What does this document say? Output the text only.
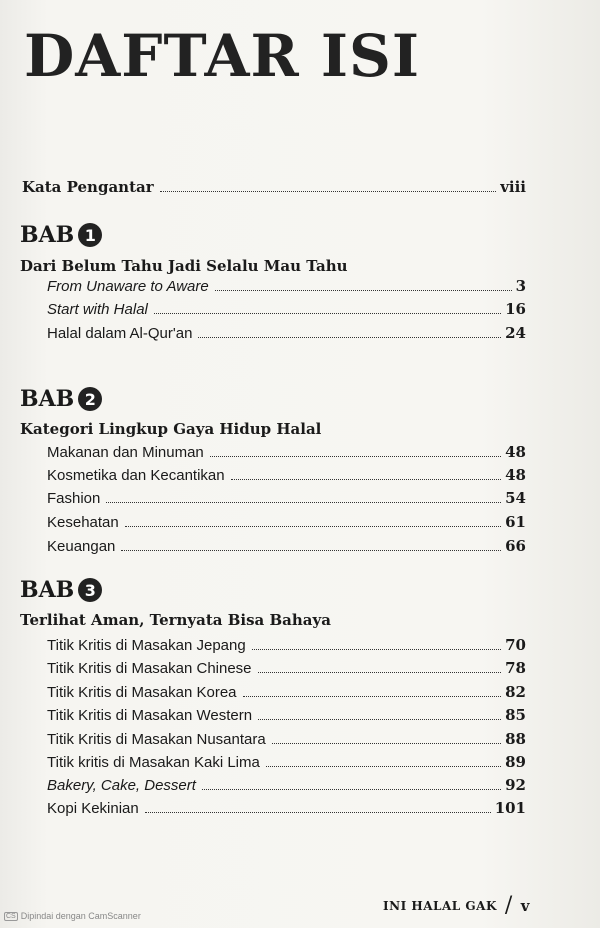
DAFTAR ISI
Kata Pengantar	viii
BAB 1
Dari Belum Tahu Jadi Selalu Mau Tahu
From Unaware to Aware	3
Start with Halal	16
Halal dalam Al-Qur'an	24
BAB 2
Kategori Lingkup Gaya Hidup Halal
Makanan dan Minuman	48
Kosmetika dan Kecantikan	48
Fashion	54
Kesehatan	61
Keuangan	66
BAB 3
Terlihat Aman, Ternyata Bisa Bahaya
Titik Kritis di Masakan Jepang	70
Titik Kritis di Masakan Chinese	78
Titik Kritis di Masakan Korea	82
Titik Kritis di Masakan Western	85
Titik Kritis di Masakan Nusantara	88
Titik kritis di Masakan Kaki Lima	89
Bakery, Cake, Dessert	92
Kopi Kekinian	101
INI HALAL GAK / v
CS Dipindai dengan CamScanner
